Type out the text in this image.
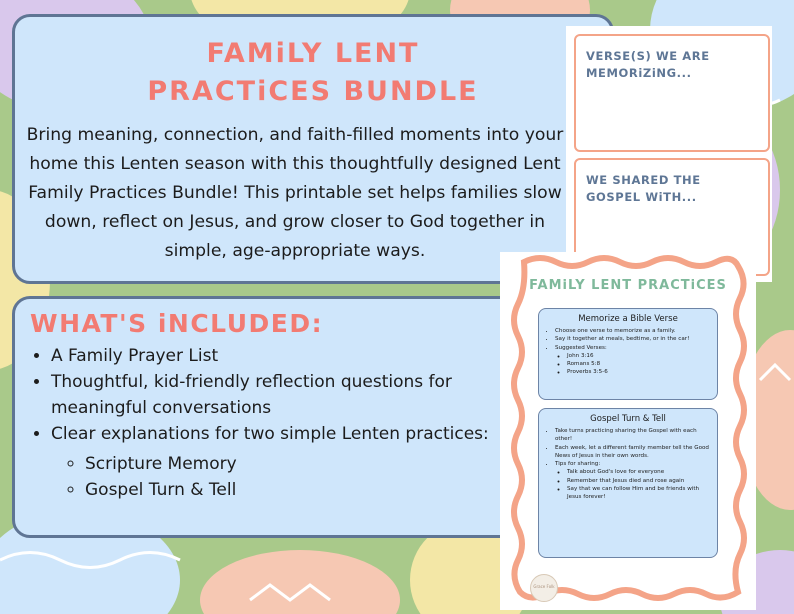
FAMiLY LENT
PRACTiCES BUNDLE
Bring meaning, connection, and faith-filled moments into your home this Lenten season with this thoughtfully designed Lent Family Practices Bundle! This printable set helps families slow down, reflect on Jesus, and grow closer to God together in simple, age-appropriate ways.
WHAT'S iNCLUDED:
• A Family Prayer List
• Thoughtful, kid-friendly reflection questions for meaningful conversations
• Clear explanations for two simple Lenten practices:
◦ Scripture Memory
◦ Gospel Turn & Tell
VERSE(S) WE ARE MEMORiZiNG...
WE SHARED THE GOSPEL WiTH...
FAMiLY LENT PRACTiCES
Memorize a Bible Verse
• Choose one verse to memorize as a family.
• Say it together at meals, bedtime, or in the car!
• Suggested Verses:
◦ John 3:16
◦ Romans 5:8
◦ Proverbs 3:5-6
Gospel Turn & Tell
• Take turns practicing sharing the Gospel with each other!
• Each week, let a different family member tell the Good News of Jesus in their own words.
• Tips for sharing:
◦ Talk about God's love for everyone
◦ Remember that Jesus died and rose again
◦ Say that we can follow Him and be friends with Jesus forever!
Grace Folk
